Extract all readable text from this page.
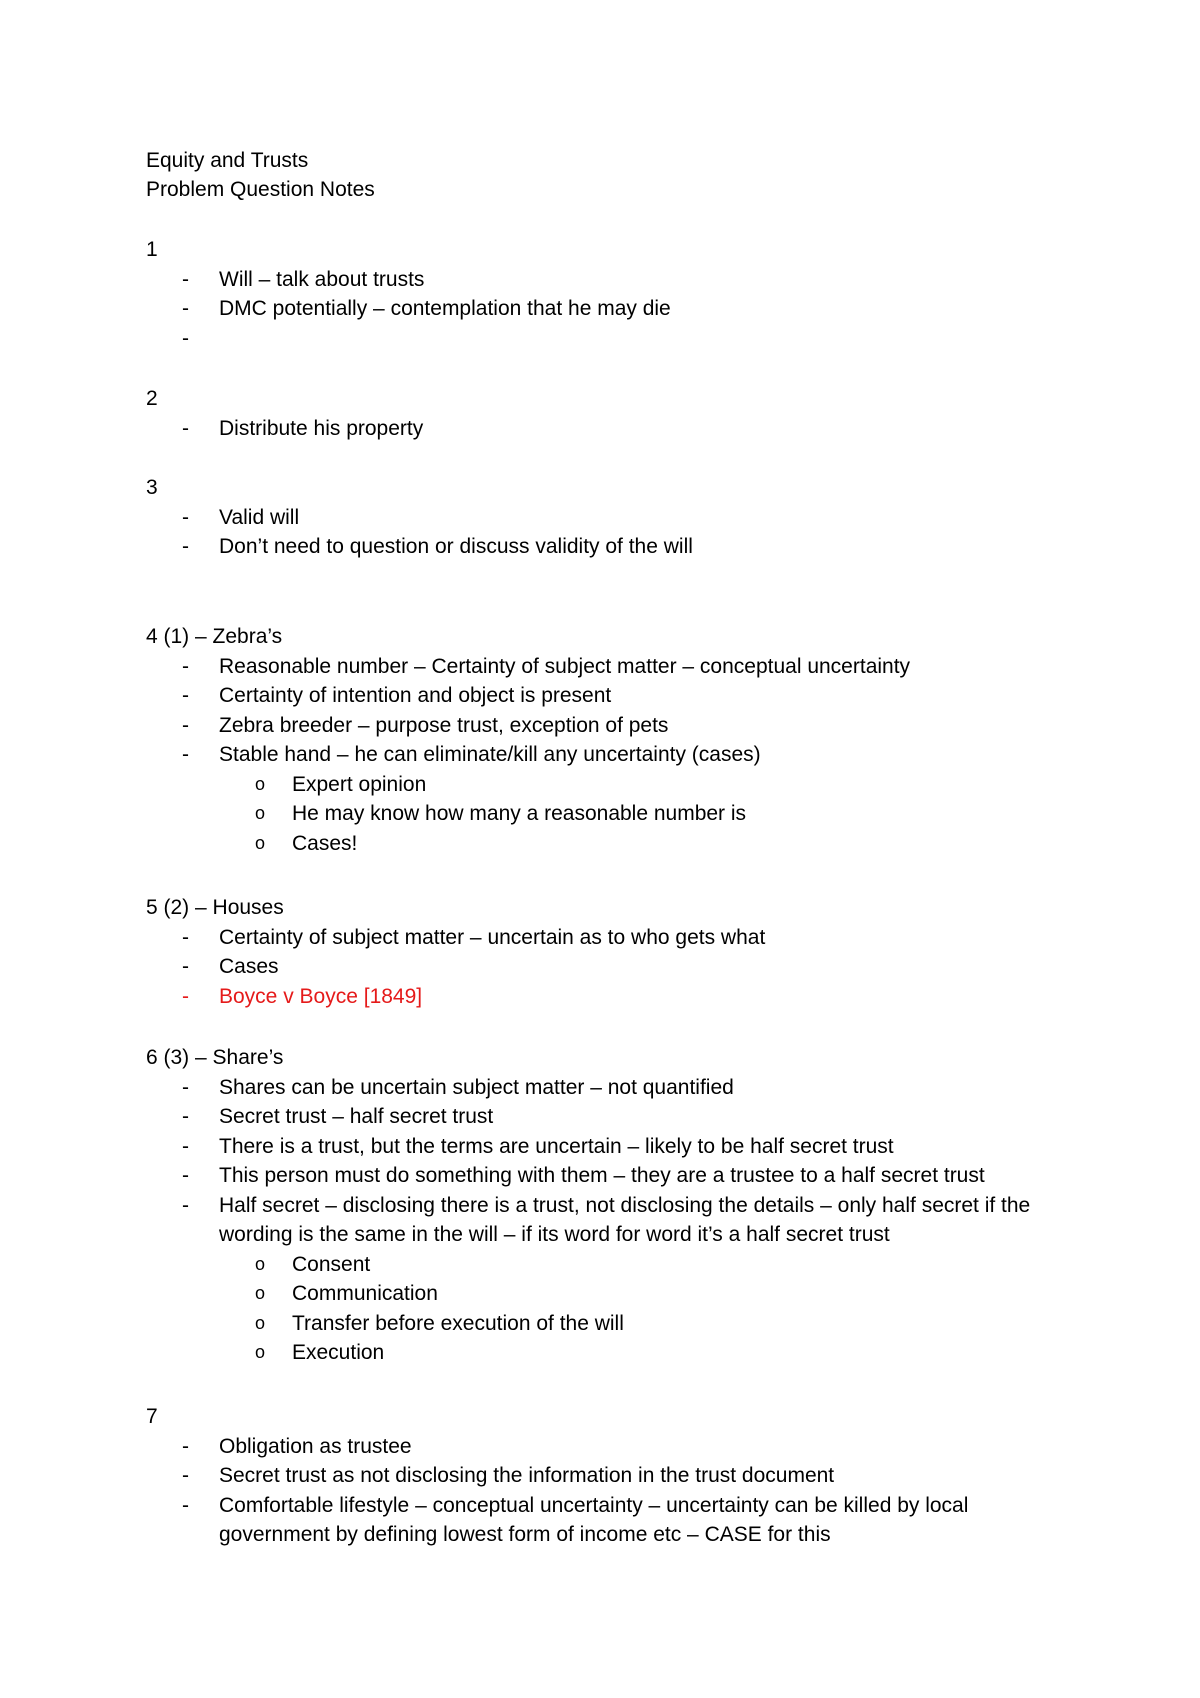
Equity and Trusts
Problem Question Notes
1
- Will – talk about trusts
- DMC potentially – contemplation that he may die
-
2
- Distribute his property
3
- Valid will
- Don’t need to question or discuss validity of the will
4 (1) – Zebra’s
- Reasonable number – Certainty of subject matter – conceptual uncertainty
- Certainty of intention and object is present
- Zebra breeder – purpose trust, exception of pets
- Stable hand – he can eliminate/kill any uncertainty (cases)
o Expert opinion
o He may know how many a reasonable number is
o Cases!
5 (2) – Houses
- Certainty of subject matter – uncertain as to who gets what
- Cases
- Boyce v Boyce [1849]
6 (3) – Share’s
- Shares can be uncertain subject matter – not quantified
- Secret trust – half secret trust
- There is a trust, but the terms are uncertain – likely to be half secret trust
- This person must do something with them – they are a trustee to a half secret trust
- Half secret – disclosing there is a trust, not disclosing the details – only half secret if the wording is the same in the will – if its word for word it’s a half secret trust
o Consent
o Communication
o Transfer before execution of the will
o Execution
7
- Obligation as trustee
- Secret trust as not disclosing the information in the trust document
- Comfortable lifestyle – conceptual uncertainty – uncertainty can be killed by local government by defining lowest form of income etc – CASE for this
